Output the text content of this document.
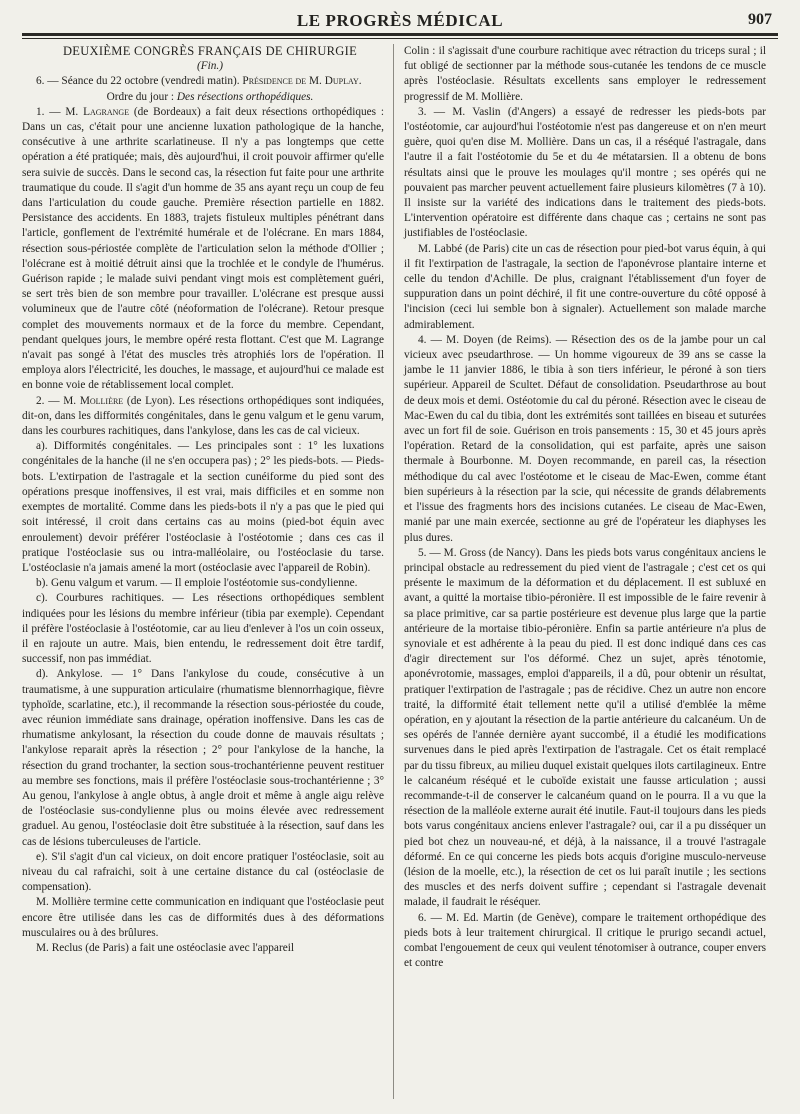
LE PROGRÈS MÉDICAL	907

DEUXIÈME CONGRÈS FRANÇAIS DE CHIRURGIE

(Fin.)

6. — Séance du 22 octobre (vendredi matin). Présidence de M. Duplay.

Ordre du jour : Des résections orthopédiques.

1. — M. Lagrange (de Bordeaux) a fait deux résections orthopédiques : Dans un cas, c'était pour une ancienne luxation pathologique de la hanche, consécutive à une arthrite scarlatineuse. Il n'y a pas longtemps que cette opération a été pratiquée; mais, dès aujourd'hui, il croit pouvoir affirmer qu'elle sera suivie de succès. Dans le second cas, la résection fut faite pour une arthrite traumatique du coude. Il s'agit d'un homme de 35 ans ayant reçu un coup de feu dans l'articulation du coude gauche. Première résection partielle en 1882. Persistance des accidents. En 1883, trajets fistuleux multiples pénétrant dans l'article, gonflement de l'extrémité humérale et de l'olécrane. En mars 1884, résection sous-périostée complète de l'articulation selon la méthode d'Ollier ; l'olécrane est à moitié détruit ainsi que la trochlée et le condyle de l'humérus. Guérison rapide ; le malade suivi pendant vingt mois est complètement guéri, se sert très bien de son membre pour travailler. L'olécrane est presque aussi volumineux que de l'autre côté (néoformation de l'olécrane). Retour presque complet des mouvements normaux et de la force du membre. Cependant, pendant quelques jours, le membre opéré resta flottant. C'est que M. Lagrange n'avait pas songé à l'état des muscles très atrophiés lors de l'opération. Il employa alors l'électricité, les douches, le massage, et aujourd'hui ce malade est en bonne voie de rétablissement local complet.

2. — M. Mollière (de Lyon). Les résections orthopédiques sont indiquées, dit-on, dans les difformités congénitales, dans le genu valgum et le genu varum, dans les courbures rachitiques, dans l'ankylose, dans les cas de cal vicieux.

a). Difformités congénitales. — Les principales sont : 1° les luxations congénitales de la hanche (il ne s'en occupera pas) ; 2° les pieds-bots. — Pieds-bots. L'extirpation de l'astragale et la section cunéiforme du pied sont des opérations presque inoffensives, il est vrai, mais difficiles et en somme non exemptes de mortalité. Comme dans les pieds-bots il n'y a pas que le pied qui soit intéressé, il croit dans certains cas au moins (pied-bot équin avec enroulement) devoir préférer l'ostéoclasie à l'ostéotomie ; dans ces cas il pratique l'ostéoclasie sus ou intra-malléolaire, ou l'ostéoclasie du tarse. L'ostéoclasie n'a jamais amené la mort (ostéoclasie avec l'appareil de Robin).

b). Genu valgum et varum. — Il emploie l'ostéotomie sus-condylienne.

c). Courbures rachitiques. — Les résections orthopédiques semblent indiquées pour les lésions du membre inférieur (tibia par exemple). Cependant il préfère l'ostéoclasie à l'ostéotomie, car au lieu d'enlever à l'os un coin osseux, il en rajoute un autre. Mais, bien entendu, le redressement doit être tardif, successif, non pas immédiat.

d). Ankylose. — 1° Dans l'ankylose du coude, consécutive à un traumatisme, à une suppuration articulaire (rhumatisme blennorrhagique, fièvre typhoïde, scarlatine, etc.), il recommande la résection sous-périostée du coude, avec réunion immédiate sans drainage, opération inoffensive. Dans les cas de rhumatisme ankylosant, la résection du coude donne de mauvais résultats ; l'ankylose reparait après la résection ; 2° pour l'ankylose de la hanche, la résection du grand trochanter, la section sous-trochantérienne peuvent restituer au membre ses fonctions, mais il préfère l'ostéoclasie sous-trochantérienne ; 3° Au genou, l'ankylose à angle obtus, à angle droit et même à angle aigu relève de l'ostéoclasie sus-condylienne plus ou moins élevée avec redressement graduel. Au genou, l'ostéoclasie doit être substituée à la résection, sauf dans les cas de lésions tuberculeuses de l'article.

e). S'il s'agit d'un cal vicieux, on doit encore pratiquer l'ostéoclasie, soit au niveau du cal rafraichi, soit à une certaine distance du cal (ostéoclasie de compensation).

M. Mollière termine cette communication en indiquant que l'ostéoclasie peut encore être utilisée dans les cas de difformités dues à des déformations musculaires ou à des brûlures.

M. Reclus (de Paris) a fait une ostéoclasie avec l'appareil

Colin : il s'agissait d'une courbure rachitique avec rétraction du triceps sural ; il fut obligé de sectionner par la méthode sous-cutanée les tendons de ce muscle après l'ostéoclasie. Résultats excellents sans employer le redressement progressif de M. Mollière.

3. — M. Vaslin (d'Angers) a essayé de redresser les pieds-bots par l'ostéotomie, car aujourd'hui l'ostéotomie n'est pas dangereuse et on n'en meurt guère, quoi qu'en dise M. Mollière. Dans un cas, il a réséqué l'astragale, dans l'autre il a fait l'ostéotomie du 5e et du 4e métatarsien. Il a obtenu de bons résultats ainsi que le prouve les moulages qu'il montre ; ses opérés qui ne pouvaient pas marcher peuvent actuellement faire plusieurs kilomètres (7 à 10). Il insiste sur la variété des indications dans le traitement des pieds-bots. L'intervention opératoire est différente dans chaque cas ; certains ne sont pas justifiables de l'ostéoclasie.

M. Labbé (de Paris) cite un cas de résection pour pied-bot varus équin, à qui il fit l'extirpation de l'astragale, la section de l'aponévrose plantaire interne et celle du tendon d'Achille. De plus, craignant l'établissement d'un foyer de suppuration dans un point déchiré, il fit une contre-ouverture du côté opposé à l'incision (ceci lui semble bon à signaler). Actuellement son malade marche admirablement.

4. — M. Doyen (de Reims). — Résection des os de la jambe pour un cal vicieux avec pseudarthrose. — Un homme vigoureux de 39 ans se casse la jambe le 11 janvier 1886, le tibia à son tiers inférieur, le péroné à son tiers supérieur. Appareil de Scultet. Défaut de consolidation. Pseudarthrose au bout de deux mois et demi. Ostéotomie du cal du péroné. Résection avec le ciseau de Mac-Ewen du cal du tibia, dont les extrémités sont taillées en biseau et suturées avec un fort fil de soie. Guérison en trois pansements : 15, 30 et 45 jours après l'opération. Retard de la consolidation, qui est parfaite, après une saison thermale à Bourbonne. M. Doyen recommande, en pareil cas, la résection méthodique du cal avec l'ostéotome et le ciseau de Mac-Ewen, comme étant bien supérieurs à la résection par la scie, qui nécessite de grands délabrements et l'issue des fragments hors des incisions cutanées. Le ciseau de Mac-Ewen, manié par une main exercée, sectionne au gré de l'opérateur les diaphyses les plus dures.

5. — M. Gross (de Nancy). Dans les pieds bots varus congénitaux anciens le principal obstacle au redressement du pied vient de l'astragale ; c'est cet os qui présente le maximum de la déformation et du déplacement. Il est subluxé en avant, a quitté la mortaise tibio-péronière. Il est impossible de le faire revenir à sa place primitive, car sa partie postérieure est devenue plus large que la partie antérieure de la mortaise tibio-péronière. Enfin sa partie antérieure n'a plus de synoviale et est adhérente à la peau du pied. Il est donc indiqué dans ces cas d'agir directement sur l'os déformé. Chez un sujet, après ténotomie, aponévrotomie, massages, emploi d'appareils, il a dû, pour obtenir un résultat, pratiquer l'extirpation de l'astragale ; pas de récidive. Chez un autre non encore traité, la difformité était tellement nette qu'il a utilisé d'emblée la même opération, en y ajoutant la résection de la partie antérieure du calcanéum. Un de ses opérés de l'année dernière ayant succombé, il a étudié les modifications survenues dans le pied après l'extirpation de l'astragale. Cet os était remplacé par du tissu fibreux, au milieu duquel existait quelques ilots cartilagineux. Entre le calcanéum réséqué et le cuboïde existait une fausse articulation ; aussi recommande-t-il de conserver le calcanéum quand on le pourra. Il a vu que la résection de la malléole externe aurait été inutile. Faut-il toujours dans les pieds bots varus congénitaux anciens enlever l'astragale? oui, car il a pu disséquer un pied bot chez un nouveau-né, et déjà, à la naissance, il a trouvé l'astragale déformé. En ce qui concerne les pieds bots acquis d'origine musculo-nerveuse (lésion de la moelle, etc.), la résection de cet os lui paraît inutile ; les sections des muscles et des nerfs doivent suffire ; cependant si l'astragale devenait malade, il faudrait le réséquer.

6. — M. Ed. Martin (de Genève), compare le traitement orthopédique des pieds bots à leur traitement chirurgical. Il critique le prurigo secandi actuel, combat l'engouement de ceux qui veulent ténotomiser à outrance, couper envers et contre
